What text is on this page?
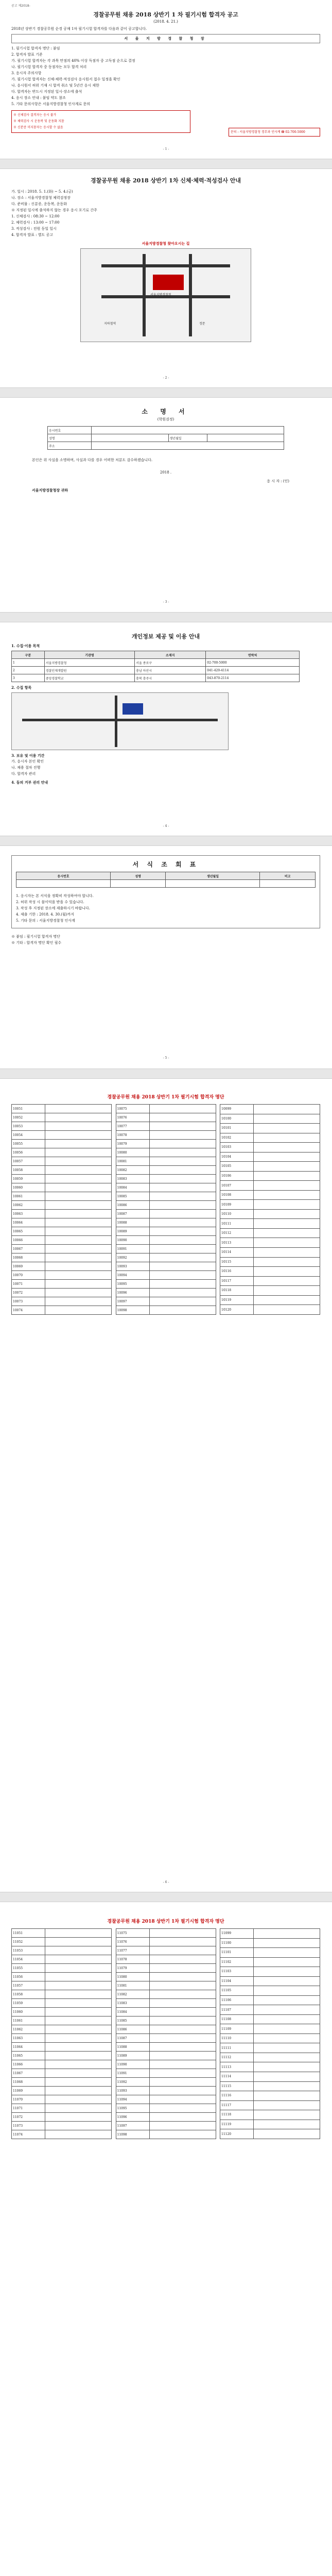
공고 제2018-
경찰공무원 채용 2018 상반기 1 차 필기시험 합격자 공고
(2018. 4. 21.)
2018년 상반기 경찰공무원 순경 공채 1차 필기시험 합격자를 다음과 같이 공고합니다.
서 울 지 방 경 찰 청 장
1. 필기시험 합격자 명단 : 붙임
2. 합격자 발표 기준
가. 필기시험 합격자는 각 과목 만점의 40% 이상 득점자 중 고득점 순으로 결정
나. 필기시험 합격자 중 동점자는 모두 합격 처리
3. 응시자 주의사항
가. 필기시험 합격자는 신체·체력·적성검사 응시원서 접수 일정을 확인
나. 응시원서 허위 기재 시 합격 취소 및 5년간 응시 제한
다. 합격자는 반드시 지정된 일시·장소에 출석
4. 응시 장소 안내 : 붙임 약도 참조
5. 기타 문의사항은 서울지방경찰청 인사계로 문의
※ 신체검사 결격자는 응시 불가
※ 체력검사 시 운동복 및 운동화 지참
※ 신분증 미지참자는 응시할 수 없음
문의 : 서울지방경찰청 경무과 인사계 ☎ 02-700-5000
- 1 -
경찰공무원 채용 2018 상반기 1차 신체·체력·적성검사 안내
가. 일시 : 2018. 5. 1.(화) ~ 5. 4.(금)
나. 장소 : 서울지방경찰청 체력검정장
다. 준비물 : 신분증, 운동복, 운동화
※ 지정된 일시에 출석하지 않는 경우 응시 포기로 간주
1. 신체검사 : 08:30 ~ 12:00
2. 체력검사 : 13:00 ~ 17:00
3. 적성검사 : 전원 동일 일시
4. 합격자 발표 : 별도 공고
서울지방경찰청 찾아오시는 길
서울지방경찰청
지하철역	정문
- 2 -
소 명 서
(학원검정)
응시번호			
성명		생년월일	
주소			
본인은 위 사실을 소명하며, 사실과 다를 경우 어떠한 처분도 감수하겠습니다.
2018 .
응 시 자 : (인)
서울지방경찰청장 귀하
- 3 -
개인정보 제공 및 이용 안내
1. 수집·이용 목적
구분	기관명	소재지	연락처
1	서울지방경찰청	서울 종로구	02-700-5000
2	경찰인재개발원	충남 아산시	041-420-4114
3	중앙경찰학교	충북 충주시	043-870-2114
2. 수집 항목
3. 보유 및 이용 기간
가. 응시자 본인 확인
나. 채용 절차 진행
다. 합격자 관리
4. 동의 거부 권리 안내
- 4 -
서 식 조 회 표
응시번호	성명	생년월일	비고

1. 응시자는 본 서식을 정확히 작성하여야 합니다.
2. 허위 작성 시 불이익을 받을 수 있습니다.
3. 작성 후 지정된 장소에 제출하시기 바랍니다.
4. 제출 기한 : 2018. 4. 30.(월)까지
5. 기타 문의 : 서울지방경찰청 인사계
※ 붙임 : 필기시험 합격자 명단
※ 기타 : 합격자 명단 확인 필수
- 5 -
경찰공무원 채용 2018 상반기 1차 필기시험 합격자 명단
10051	
10052	
10053	
10054	
10055	
10056	
10057	
10058	
10059	
10060	
10061	
10062	
10063	
10064	
10065	
10066	
10067	
10068	
10069	
10070	
10071	
10072	
10073	
10074	
10075	
10076	
10077	
10078	
10079	
10080	
10081	
10082	
10083	
10084	
10085	
10086	
10087	
10088	
10089	
10090	
10091	
10092	
10093	
10094	
10095	
10096	
10097	
10098	
10099	
10100	
10101	
10102	
10103	
10104	
10105	
10106	
10107	
10108	
10109	
10110	
10111	
10112	
10113	
10114	
10115	
10116	
10117	
10118	
10119	
10120	
- 6 -
경찰공무원 채용 2018 상반기 1차 필기시험 합격자 명단
11051	
11052	
11053	
11054	
11055	
11056	
11057	
11058	
11059	
11060	
11061	
11062	
11063	
11064	
11065	
11066	
11067	
11068	
11069	
11070	
11071	
11072	
11073	
11074	
11075	
11076	
11077	
11078	
11079	
11080	
11081	
11082	
11083	
11084	
11085	
11086	
11087	
11088	
11089	
11090	
11091	
11092	
11093	
11094	
11095	
11096	
11097	
11098	
11099	
11100	
11101	
11102	
11103	
11104	
11105	
11106	
11107	
11108	
11109	
11110	
11111	
11112	
11113	
11114	
11115	
11116	
11117	
11118	
11119	
11120	
